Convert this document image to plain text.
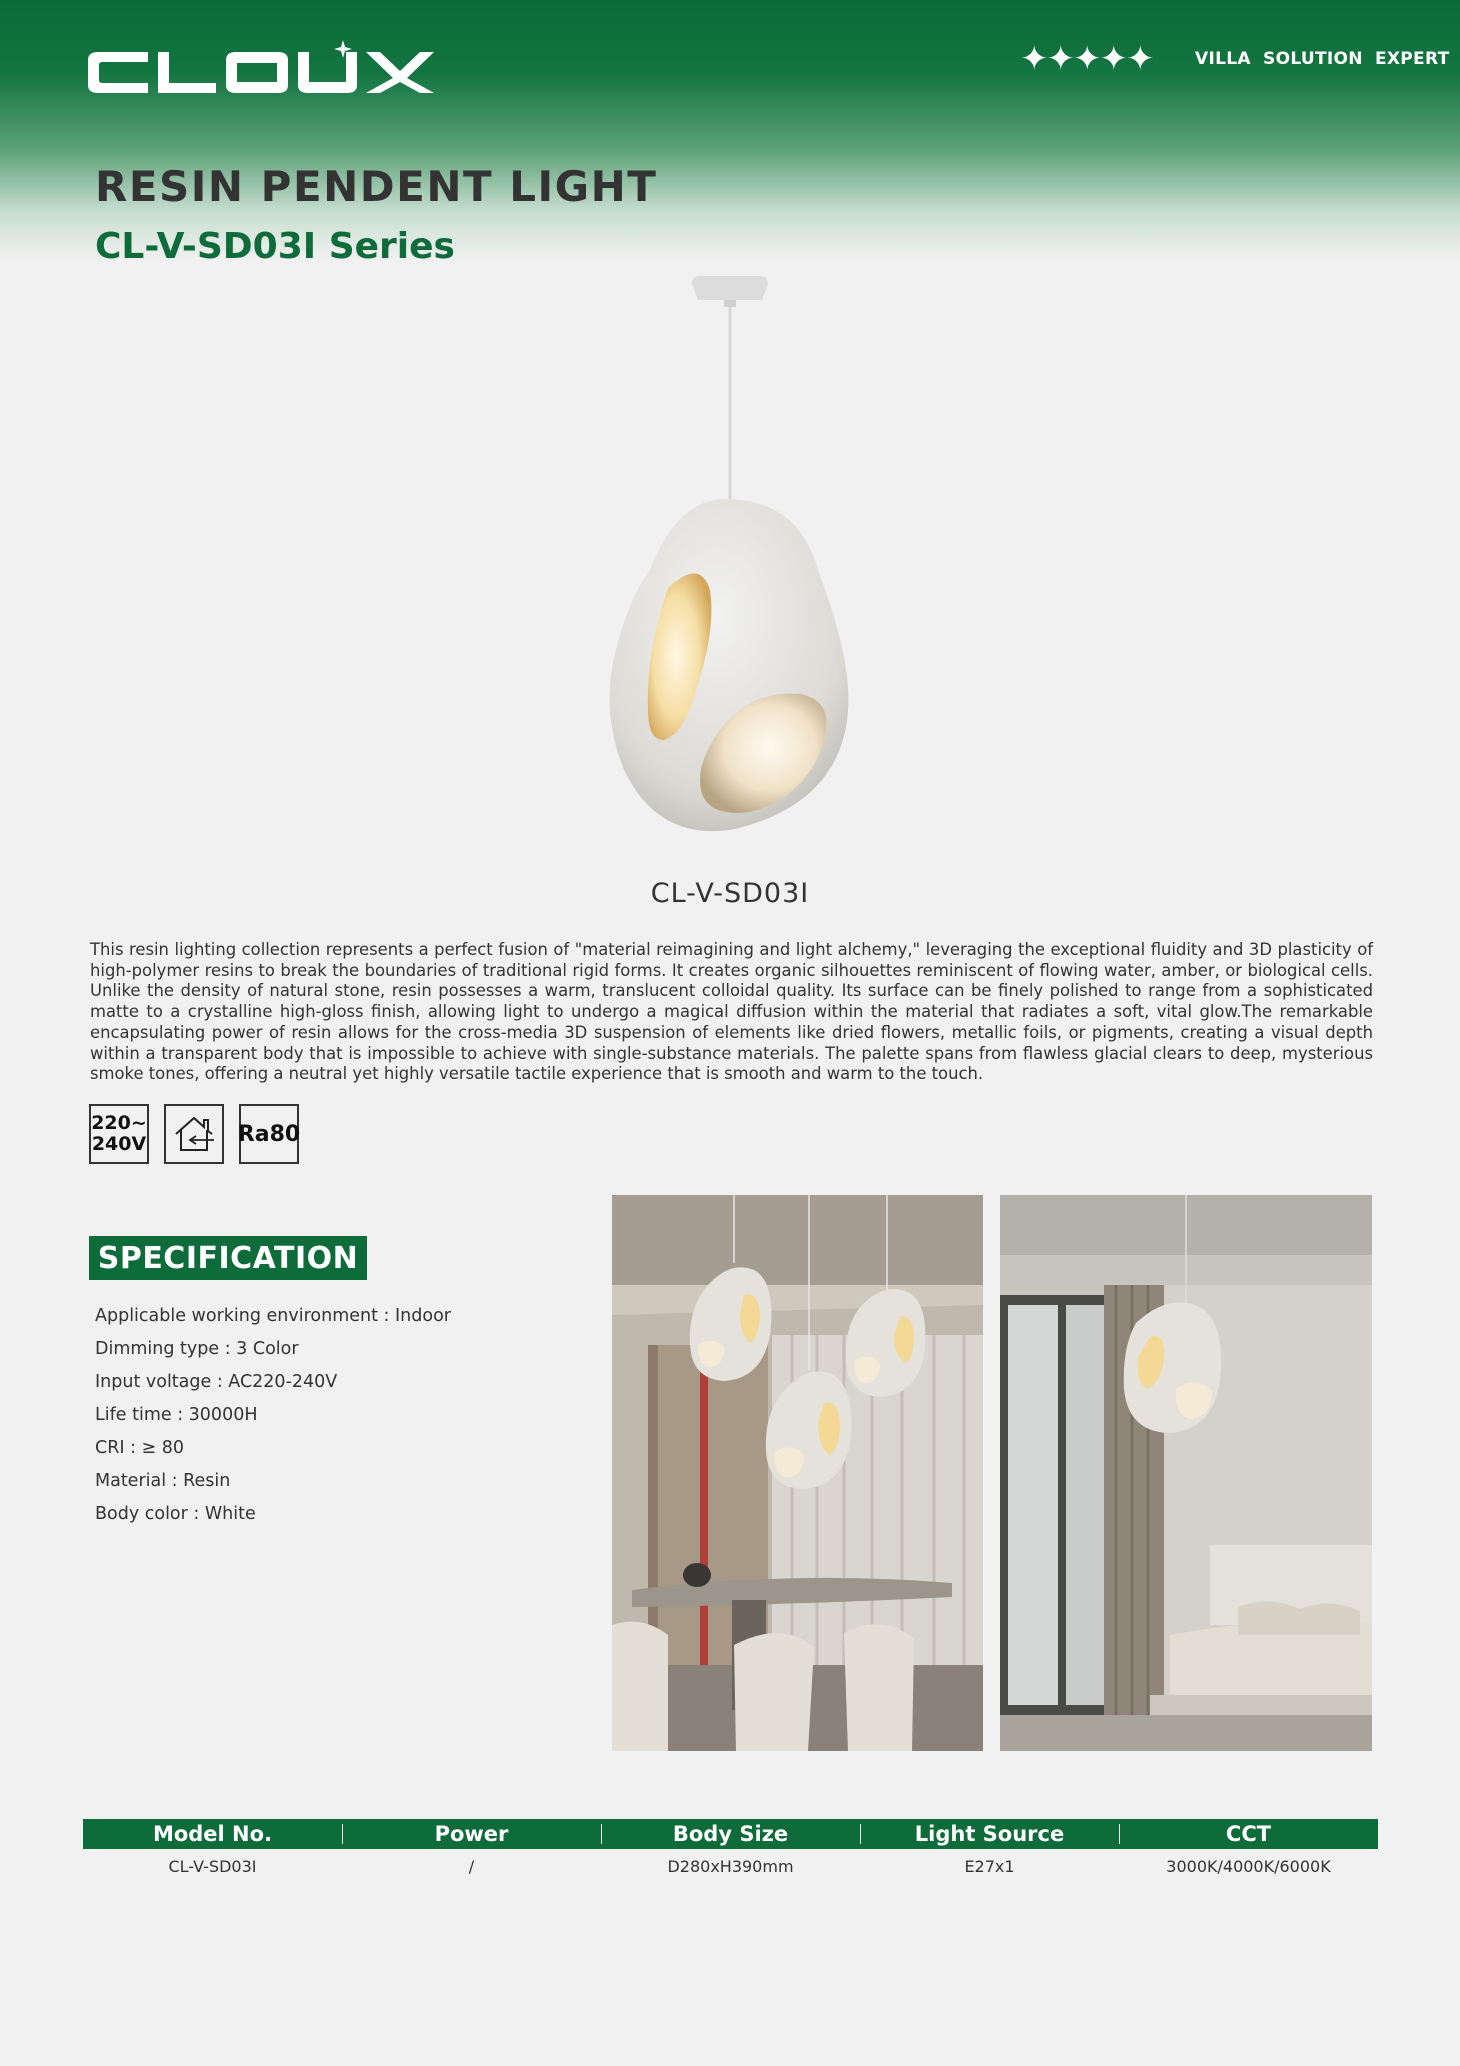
✦✦✦✦✦	VILLA SOLUTION EXPERT
RESIN PENDENT LIGHT
CL-V-SD03I Series
CL-V-SD03I

This resin lighting collection represents a perfect fusion of "material reimagining and light alchemy," leveraging the exceptional fluidity and 3D plasticity of high-polymer resins to break the boundaries of traditional rigid forms. It creates organic silhouettes reminiscent of flowing water, amber, or biological cells. Unlike the density of natural stone, resin possesses a warm, translucent colloidal quality. Its surface can be finely polished to range from a sophisticated matte to a crystalline high-gloss finish, allowing light to undergo a magical diffusion within the material that radiates a soft, vital glow.The remarkable encapsulating power of resin allows for the cross-media 3D suspension of elements like dried flowers, metallic foils, or pigments, creating a visual depth within a transparent body that is impossible to achieve with single-substance materials. The palette spans from flawless glacial clears to deep, mysterious smoke tones, offering a neutral yet highly versatile tactile experience that is smooth and warm to the touch.

220~
240V	Ra80
SPECIFICATION
Applicable working environment : Indoor
Dimming type : 3 Color
Input voltage : AC220-240V
Life time : 30000H
CRI : ≥ 80
Material : Resin
Body color : White
Model No.	Power	Body Size	Light Source	CCT
CL-V-SD03I	/	D280xH390mm	E27x1	3000K/4000K/6000K
